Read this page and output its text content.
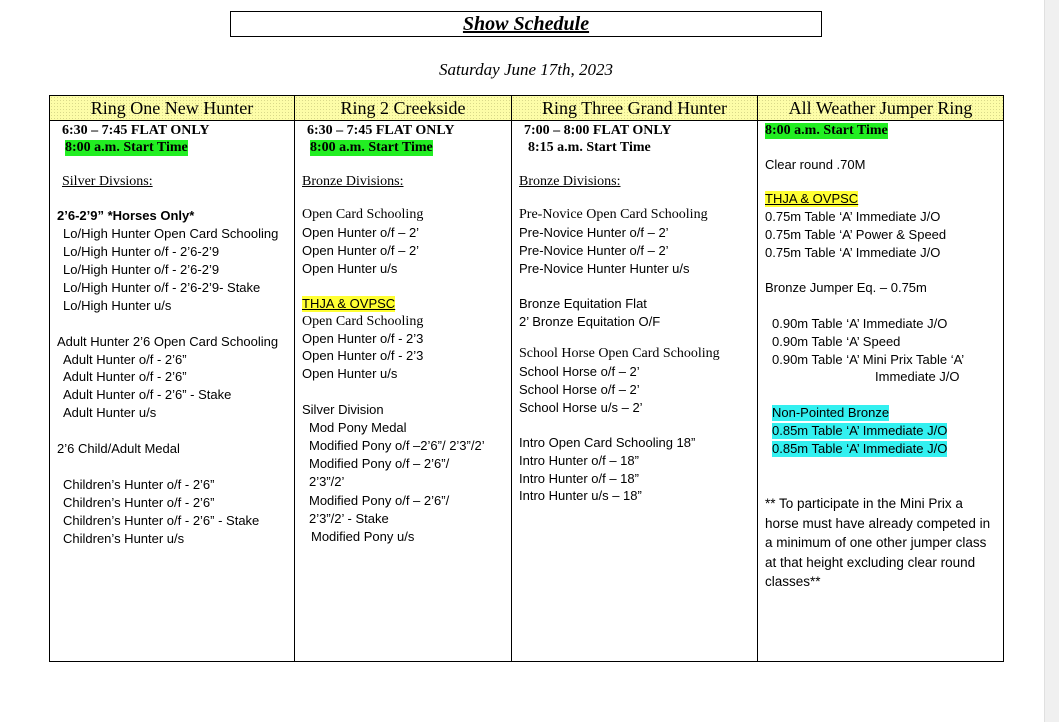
Show Schedule
Saturday June 17th, 2023
Ring One New Hunter
6:30 – 7:45 FLAT ONLY
8:00 a.m. Start Time
Silver Divsions:
2’6-2’9” *Horses Only*
Lo/High Hunter Open Card Schooling
Lo/High Hunter o/f - 2’6-2’9
Lo/High Hunter o/f - 2’6-2’9
Lo/High Hunter o/f - 2’6-2’9- Stake
Lo/High Hunter u/s
Adult Hunter 2’6 Open Card Schooling
Adult Hunter o/f - 2’6”
Adult Hunter o/f - 2’6”
Adult Hunter o/f - 2’6” - Stake
Adult Hunter u/s
2’6 Child/Adult Medal
Children’s Hunter o/f - 2’6”
Children’s Hunter o/f - 2’6”
Children’s Hunter o/f - 2’6” - Stake
Children’s Hunter u/s
Ring 2 Creekside
6:30 – 7:45 FLAT ONLY
8:00 a.m. Start Time
Bronze Divisions:
Open Card Schooling
Open Hunter o/f – 2’
Open Hunter o/f – 2’
Open Hunter u/s
THJA & OVPSC
Open Card Schooling
Open Hunter o/f - 2’3
Open Hunter o/f - 2’3
Open Hunter u/s
Silver Division
Mod Pony Medal
Modified Pony o/f –2’6”/ 2’3”/2’
Modified Pony o/f – 2’6”/
2’3”/2’
Modified Pony o/f – 2’6”/
2’3”/2’ - Stake
Modified Pony u/s
Ring Three Grand Hunter
7:00 – 8:00 FLAT ONLY
8:15 a.m. Start Time
Bronze Divisions:
Pre-Novice Open Card Schooling
Pre-Novice Hunter o/f – 2’
Pre-Novice Hunter o/f – 2’
Pre-Novice Hunter Hunter u/s
Bronze Equitation Flat
2’ Bronze Equitation O/F
School Horse Open Card Schooling
School Horse o/f – 2’
School Horse o/f – 2’
School Horse u/s – 2’
Intro Open Card Schooling 18”
Intro Hunter o/f – 18”
Intro Hunter o/f – 18”
Intro Hunter u/s – 18”
All Weather Jumper Ring
8:00 a.m. Start Time
Clear round .70M
THJA & OVPSC
0.75m Table ‘A’ Immediate J/O
0.75m Table ‘A’ Power & Speed
0.75m Table ‘A’ Immediate J/O
Bronze Jumper Eq. – 0.75m
0.90m Table ‘A’ Immediate J/O
0.90m Table ‘A’ Speed
0.90m Table ‘A’ Mini Prix Table ‘A’
Immediate J/O
Non-Pointed Bronze
0.85m Table ‘A’ Immediate J/O
0.85m Table ‘A’ Immediate J/O
** To participate in the Mini Prix a horse must have already competed in a minimum of one other jumper class at that height excluding clear round classes**
